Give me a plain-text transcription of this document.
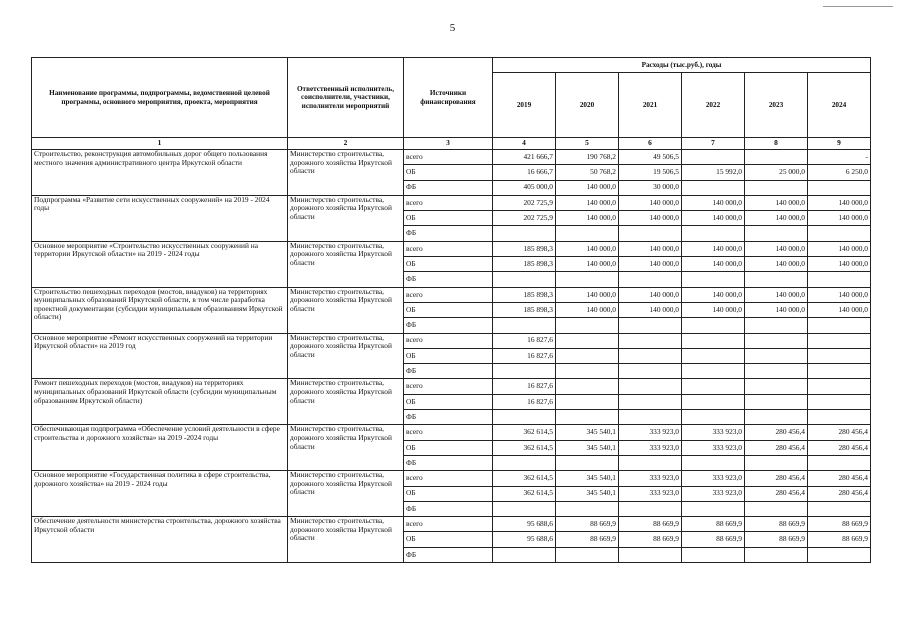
5
Наименование программы, подпрограммы, ведомственной целевой программы, основного мероприятия, проекта, мероприятия	Ответственный исполнитель, соисполнители, участники, исполнители мероприятий	Источники финансирования	Расходы (тыс.руб.), годы					
			2019	2020	2021	2022	2023	2024
1	2	3	4	5	6	7	8	9
Строительство, реконструкция автомобильных дорог общего пользования местного значения административного центра Иркутской области	Министерство строительства, дорожного хозяйства Иркутской области	всего	421 666,7	190 768,2	49 506,5			-
		ОБ	16 666,7	50 768,2	19 506,5	15 992,0	25 000,0	6 250,0
		ФБ	405 000,0	140 000,0	30 000,0			
Подпрограмма «Развитие сети искусственных сооружений» на 2019 - 2024 годы	Министерство строительства, дорожного хозяйства Иркутской области	всего	202 725,9	140 000,0	140 000,0	140 000,0	140 000,0	140 000,0
		ОБ	202 725,9	140 000,0	140 000,0	140 000,0	140 000,0	140 000,0
		ФБ						
Основное мероприятие «Строительство искусственных сооружений на территории Иркутской области» на 2019 - 2024 годы	Министерство строительства, дорожного хозяйства Иркутской области	всего	185 898,3	140 000,0	140 000,0	140 000,0	140 000,0	140 000,0
		ОБ	185 898,3	140 000,0	140 000,0	140 000,0	140 000,0	140 000,0
		ФБ						
Строительство пешеходных переходов (мостов, виадуков) на территориях муниципальных образований Иркутской области, в том числе разработка проектной документации (субсидии муниципальным образованиям Иркутской области)	Министерство строительства, дорожного хозяйства Иркутской области	всего	185 898,3	140 000,0	140 000,0	140 000,0	140 000,0	140 000,0
		ОБ	185 898,3	140 000,0	140 000,0	140 000,0	140 000,0	140 000,0
		ФБ						
Основное мероприятие «Ремонт искусственных сооружений на территории Иркутской области» на 2019 год	Министерство строительства, дорожного хозяйства Иркутской области	всего	16 827,6					
		ОБ	16 827,6					
		ФБ						
Ремонт пешеходных переходов (мостов, виадуков) на территориях муниципальных образований Иркутской области (субсидии муниципальным образованиям Иркутской области)	Министерство строительства, дорожного хозяйства Иркутской области	всего	16 827,6					
		ОБ	16 827,6					
		ФБ						
Обеспечивающая подпрограмма «Обеспечение условий деятельности в сфере строительства и дорожного хозяйства» на 2019 -2024 годы	Министерство строительства, дорожного хозяйства Иркутской области	всего	362 614,5	345 540,1	333 923,0	333 923,0	280 456,4	280 456,4
		ОБ	362 614,5	345 540,1	333 923,0	333 923,0	280 456,4	280 456,4
		ФБ						
Основное мероприятие «Государственная политика в сфере строительства, дорожного хозяйства» на 2019 - 2024 годы	Министерство строительства, дорожного хозяйства Иркутской области	всего	362 614,5	345 540,1	333 923,0	333 923,0	280 456,4	280 456,4
		ОБ	362 614,5	345 540,1	333 923,0	333 923,0	280 456,4	280 456,4
		ФБ						
Обеспечение деятельности министерства строительства, дорожного хозяйства Иркутской области	Министерство строительства, дорожного хозяйства Иркутской области	всего	95 688,6	88 669,9	88 669,9	88 669,9	88 669,9	88 669,9
		ОБ	95 688,6	88 669,9	88 669,9	88 669,9	88 669,9	88 669,9
		ФБ						
